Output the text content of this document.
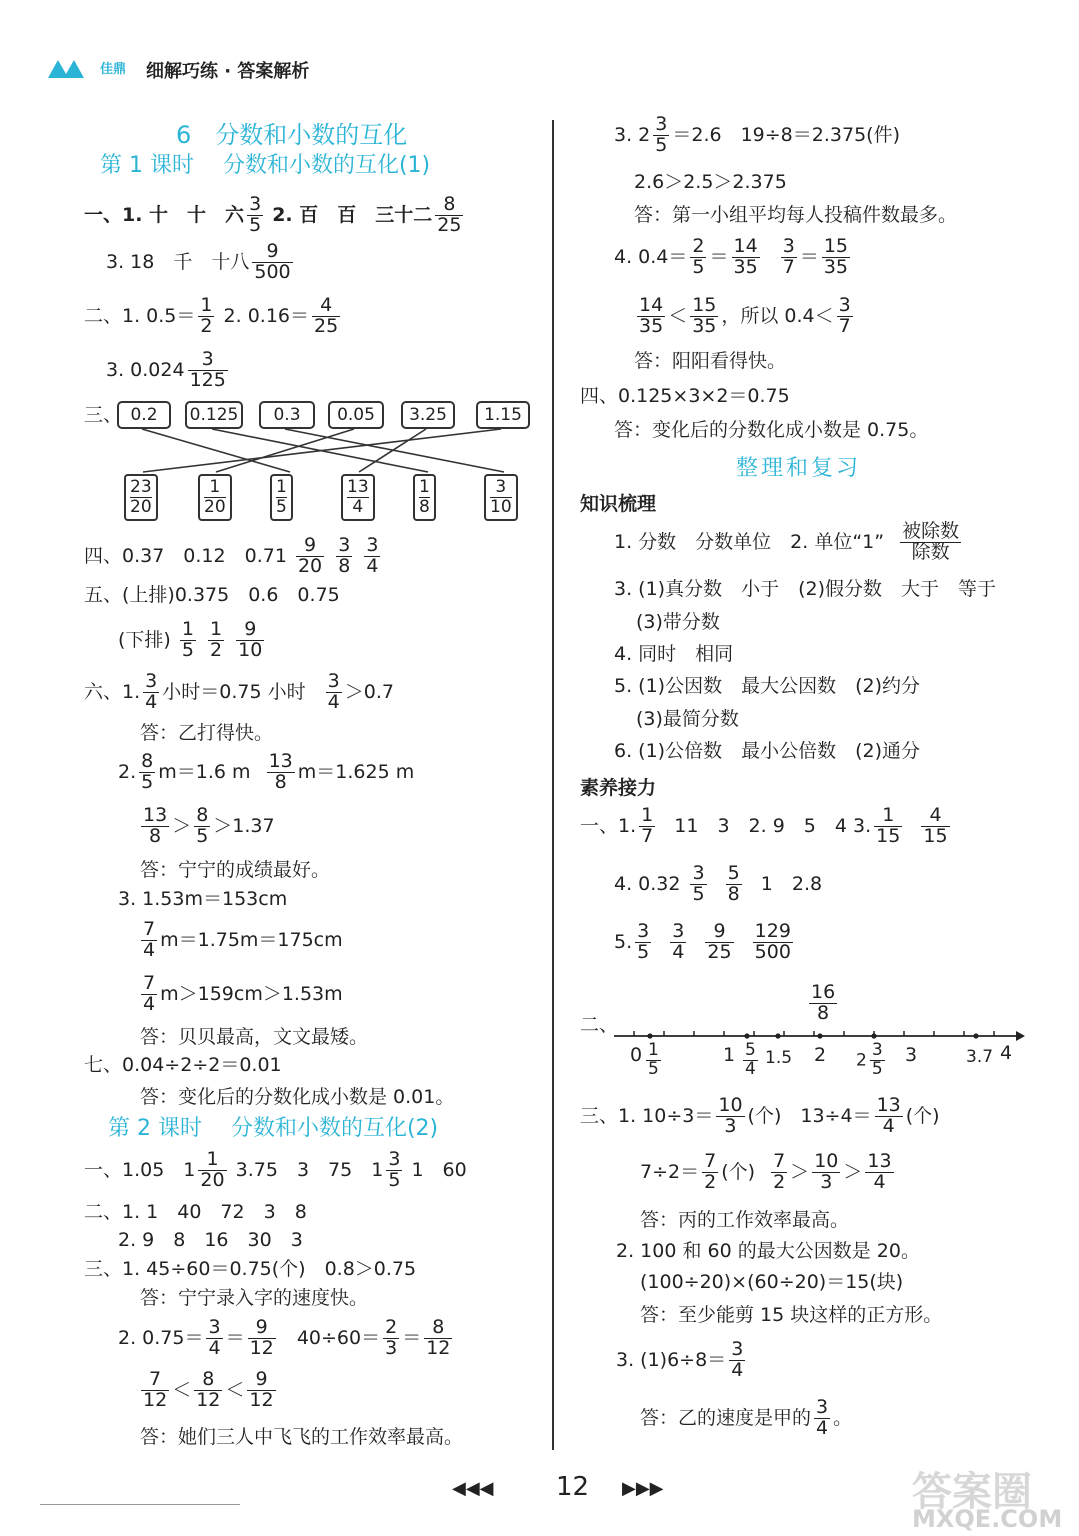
佳鼎 细解巧练 · 答案解析
6　分数和小数的互化
第 1 课时　 分数和小数的互化(1)
一、1. 十　十　六 $\frac{3}{5} 2$. 百　百　三十二 $\frac{8}{25}$
3. 18　千　十八 $\frac{9}{500}$
二、1. $0.5= \frac{1}{2} 2$. $0.16= \frac{4}{25}$
3. $0.024 \frac{3}{125}$
三、 0.2	0.125	0.3	0.05	3.25	1.15
23
20
1
20
1
5
13
4
1
8
3
10
四、0.37　0.12　$0.71 \frac{9}{20}$
$\frac{3}{8}$
$\frac{3}{4}$
五、(上排)0.375　0.6　0.75
(下排) $\frac{1}{5}$
$\frac{1}{2}$
$\frac{9}{10}$
六、1. $\frac{3}{4}$ 小时＝0.75 小时 $\frac{3}{4} >0.7$
答：乙打得快。
2. $\frac{8}{5} m=1.6$ m $\frac{13}{8} m=1.625$ m
$\frac{13}{8} > \frac{8}{5} >1.37$
答：宁宁的成绩最好。
3. 1.53m＝153cm
$\frac{7}{4} m=1.75m=175cm$
$\frac{7}{4} m>159cm>1.53m$
答：贝贝最高，文文最矮。
七、0.04÷2÷2＝0.01
答：变化后的分数化成小数是 0.01。
第 2 课时　 分数和小数的互化(2)
一、1.05　$1 \frac{1}{20} 3.75$　3　75　$1 \frac{3}{5} 1$　60
二、1. 1　40　72　3　8
2. 9　8　16　30　3
三、1. 45÷60＝0.75(个)　0.8＞0.75
答：宁宁录入字的速度快。
2. $0.75= \frac{3}{4} = \frac{9}{12} 40\div 60= \frac{2}{3} = \frac{8}{12}$
$\frac{7}{12} < \frac{8}{12} < \frac{9}{12}$
答：她们三人中飞飞的工作效率最高。
3. $2 \frac{3}{5} =2.6$　19÷8＝2.375(件)
2.6＞2.5＞2.375
答：第一小组平均每人投稿件数最多。
4. $0.4= \frac{2}{5} = \frac{14}{35}$
$\frac{3}{7} = \frac{15}{35}$
$\frac{14}{35} < \frac{15}{35}$ ，所以 $0.4< \frac{3}{7}$
答：阳阳看得快。
四、0.125×3×2＝0.75
答：变化后的分数化成小数是 0.75。
整理和复习
知识梳理
1. 分数　分数单位　2. 单位“1” $\frac{\text{被除数}}{\text{除数}}$
3. (1)真分数　小于　(2)假分数　大于　等于
(3)带分数
4. 同时　相同
5. (1)公因数　最大公因数　(2)约分
(3)最简分数
6. (1)公倍数　最小公倍数　(2)通分
素养接力
一、1. $\frac{1}{7} 11$　3　2. 9　5　4 3. $\frac{1}{15}$
$\frac{4}{15}$
4. $0.32 \frac{3}{5}$
$\frac{5}{8} 1$　2.8
5. $\frac{3}{5}$
$\frac{3}{4}$
$\frac{9}{25}$
$\frac{129}{500}$
二、
$\frac{16}{8}$
$0 \frac{1}{5}$	$1 \frac{5}{4} 1.5$ 2 $2 \frac{3}{5} 3$	3.7 4
三、1. $10\div 3= \frac{10}{3}$ (个)　$13\div 4= \frac{13}{4}$ (个)
$7\div 2= \frac{7}{2}$ (个) $\frac{7}{2} > \frac{10}{3} > \frac{13}{4}$
答：丙的工作效率最高。
2. 100 和 60 的最大公因数是 20。
(100÷20)×(60÷20)＝15(块)
答：至少能剪 15 块这样的正方形。
3. $(1)6\div 8= \frac{3}{4}$
答：乙的速度是甲的 $\frac{3}{4}$ 。
◀◀◀ 12 ▶▶▶	答案圈
MXQE.COM
